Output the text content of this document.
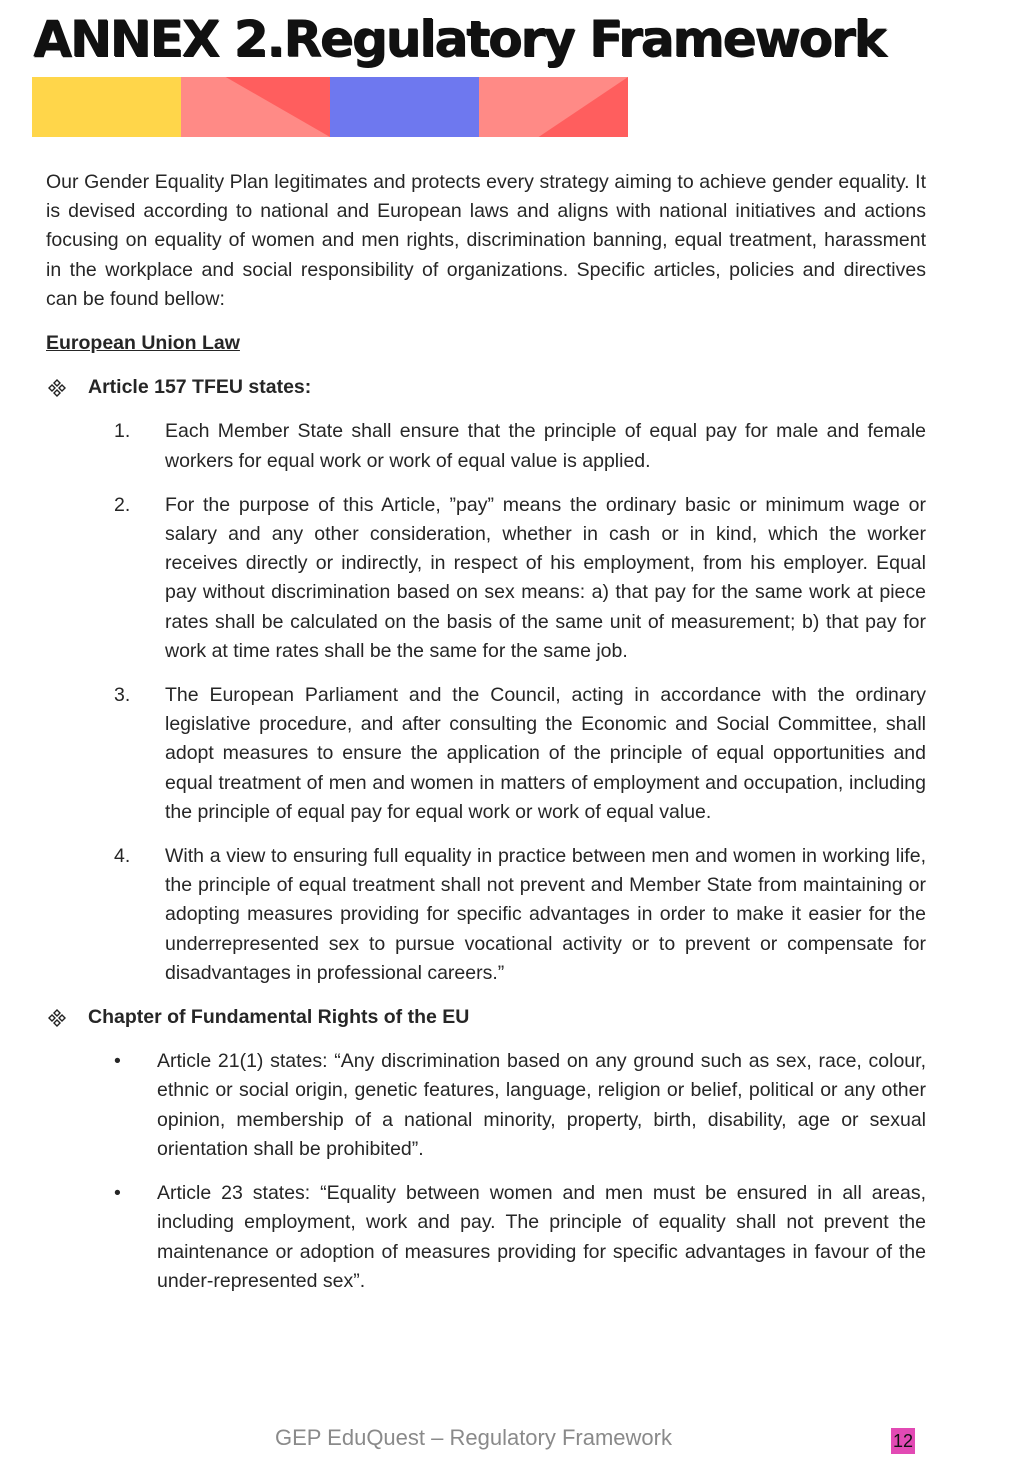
ANNEX 2.Regulatory Framework

Our Gender Equality Plan legitimates and protects every strategy aiming to achieve gender equality. It is devised according to national and European laws and aligns with national initiatives and actions focusing on equality of women and men rights, discrimination banning, equal treatment, harassment in the workplace and social responsibility of organizations. Specific articles, policies and directives can be found bellow:

European Union Law

Article 157 TFEU states:
1.	Each Member State shall ensure that the principle of equal pay for male and female workers for equal work or work of equal value is applied.
2.	For the purpose of this Article, ”pay” means the ordinary basic or minimum wage or salary and any other consideration, whether in cash or in kind, which the worker receives directly or indirectly, in respect of his employment, from his employer. Equal pay without discrimination based on sex means: a) that pay for the same work at piece rates shall be calculated on the basis of the same unit of measurement; b) that pay for work at time rates shall be the same for the same job.
3.	The European Parliament and the Council, acting in accordance with the ordinary legislative procedure, and after consulting the Economic and Social Committee, shall adopt measures to ensure the application of the principle of equal opportunities and equal treatment of men and women in matters of employment and occupation, including the principle of equal pay for equal work or work of equal value.
4.	With a view to ensuring full equality in practice between men and women in working life, the principle of equal treatment shall not prevent and Member State from maintaining or adopting measures providing for specific advantages in order to make it easier for the underrepresented sex to pursue vocational activity or to prevent or compensate for disadvantages in professional careers.”
Chapter of Fundamental Rights of the EU
•	Article 21(1) states: “Any discrimination based on any ground such as sex, race, colour, ethnic or social origin, genetic features, language, religion or belief, political or any other opinion, membership of a national minority, property, birth, disability, age or sexual orientation shall be prohibited”.
•	Article 23 states: “Equality between women and men must be ensured in all areas, including employment, work and pay. The principle of equality shall not prevent the maintenance or adoption of measures providing for specific advantages in favour of the under-represented sex”.
GEP EduQuest – Regulatory Framework	12
